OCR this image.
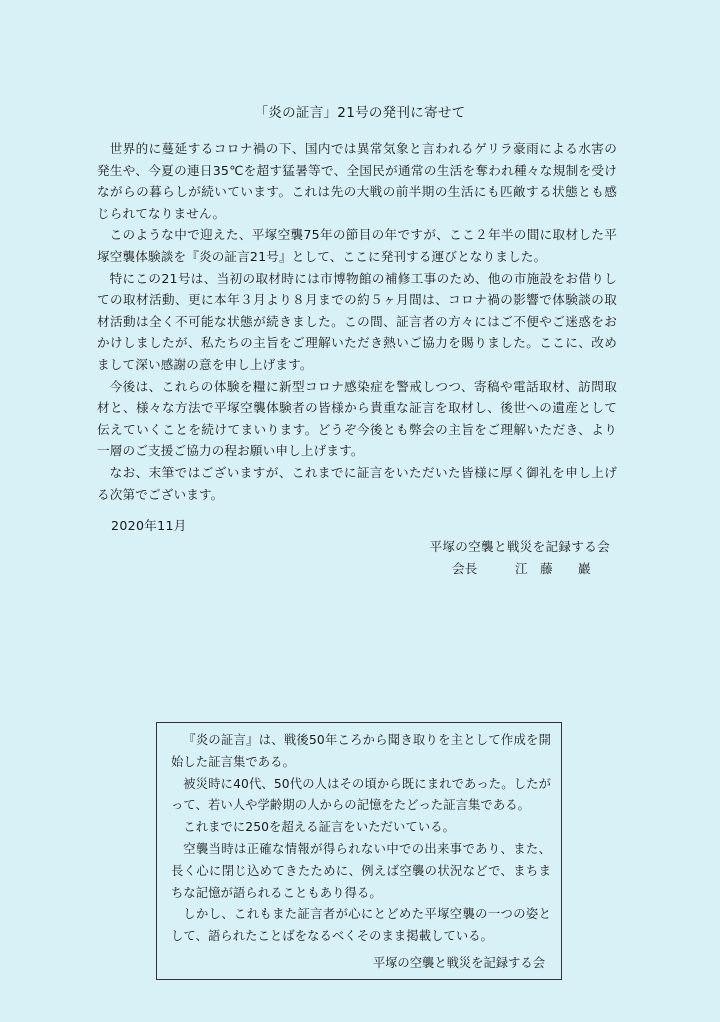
「炎の証言」21号の発刊に寄せて

世界的に蔓延するコロナ禍の下、国内では異常気象と言われるゲリラ豪雨による水害の発生や、今夏の連日35℃を超す猛暑等で、全国民が通常の生活を奪われ種々な規制を受けながらの暮らしが続いています。これは先の大戦の前半期の生活にも匹敵する状態とも感じられてなりません。

このような中で迎えた、平塚空襲75年の節目の年ですが、ここ２年半の間に取材した平塚空襲体験談を『炎の証言21号』として、ここに発刊する運びとなりました。

特にこの21号は、当初の取材時には市博物館の補修工事のため、他の市施設をお借りしての取材活動、更に本年３月より８月までの約５ヶ月間は、コロナ禍の影響で体験談の取材活動は全く不可能な状態が続きました。この間、証言者の方々にはご不便やご迷惑をおかけしましたが、私たちの主旨をご理解いただき熱いご協力を賜りました。ここに、改めまして深い感謝の意を申し上げます。

今後は、これらの体験を糧に新型コロナ感染症を警戒しつつ、寄稿や電話取材、訪問取材と、様々な方法で平塚空襲体験者の皆様から貴重な証言を取材し、後世への遺産として伝えていくことを続けてまいります。どうぞ今後とも弊会の主旨をご理解いただき、より一層のご支援ご協力の程お願い申し上げます。

なお、末筆ではございますが、これまでに証言をいただいた皆様に厚く御礼を申し上げる次第でございます。

2020年11月
平塚の空襲と戦災を記録する会
会長　　　江　藤　　巖

『炎の証言』は、戦後50年ころから聞き取りを主として作成を開始した証言集である。

被災時に40代、50代の人はその頃から既にまれであった。したがって、若い人や学齢期の人からの記憶をたどった証言集である。

これまでに250を超える証言をいただいている。

空襲当時は正確な情報が得られない中での出来事であり、また、長く心に閉じ込めてきたために、例えば空襲の状況などで、まちまちな記憶が語られることもあり得る。

しかし、これもまた証言者が心にとどめた平塚空襲の一つの姿として、語られたことばをなるべくそのまま掲載している。

平塚の空襲と戦災を記録する会
